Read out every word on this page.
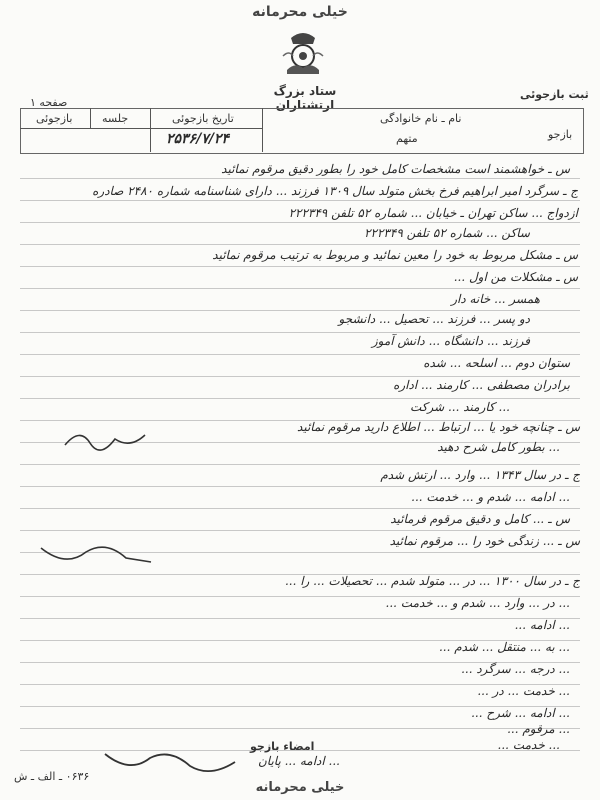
خیلی محرمانه
ستاد بزرگ ارتشتاران
ثبت بازجوئی
صفحه ۱
نام ـ نام خانوادگی
بازجو
متهم
تاریخ بازجوئی
جلسه
بازجوئی
۲۵۳۶/۷/۲۴
س ـ خواهشمند است مشخصات کامل خود را بطور دقیق مرقوم نمائید
ج ـ سرگرد امیر ابراهیم فرخ بخش متولد سال ۱۳۰۹ فرزند ... دارای شناسنامه شماره ۲۴۸۰ صادره
ازدواج ... ساکن تهران ـ خیابان ... شماره ۵۲ تلفن ۲۲۲۳۴۹
ساکن ... شماره ۵۲ تلفن ۲۲۲۳۴۹
س ـ مشکل مربوط به خود را معین نمائید و مربوط به ترتیب مرقوم نمائید
س ـ مشکلات من اول ...
همسر ... خانه دار
دو پسر ... فرزند ... تحصیل ... دانشجو
فرزند ... دانشگاه ... دانش آموز
ستوان دوم ... اسلحه ... شده
برادران مصطفی ... کارمند ... اداره
... کارمند ... شرکت
س ـ چنانچه خود یا ... ارتباط ... اطلاع دارید مرقوم نمائید
... بطور کامل شرح دهید
ج ـ در سال ۱۳۴۳ ... وارد ... ارتش شدم
... ادامه ... شدم و ... خدمت ...
س ـ ... کامل و دقیق مرقوم فرمائید
س ـ ... زندگی خود را ... مرقوم نمائید
ج ـ در سال ۱۳۰۰ ... در ... متولد شدم ... تحصیلات ... را ...
... در ... وارد ... شدم و ... خدمت ...
... ادامه ...
... به ... منتقل ... شدم ...
... درجه ... سرگرد ...
... خدمت ... در ...
... ادامه ... شرح ...
... مرقوم ...
... خدمت ...
... ادامه ... پایان
امضاء بازجو
۰۶۳۶ ـ الف ـ ش
خیلی محرمانه
